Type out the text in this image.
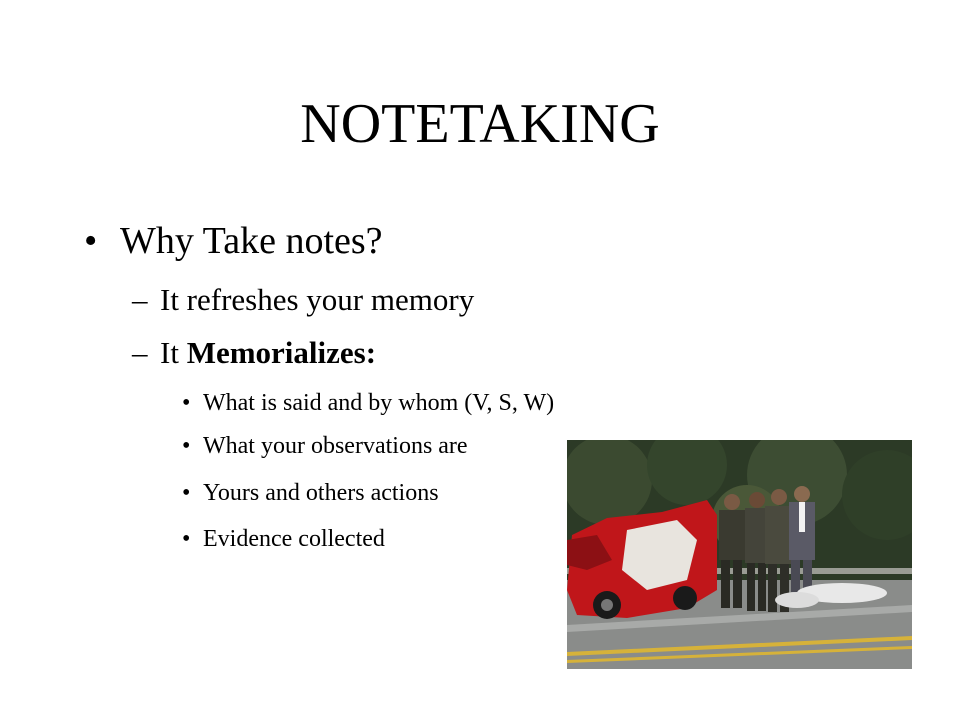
NOTETAKING
• Why Take notes?
– It refreshes your memory
– It Memorializes:
• What is said and by whom (V, S, W)
• What your observations are
• Yours and others actions
• Evidence collected
